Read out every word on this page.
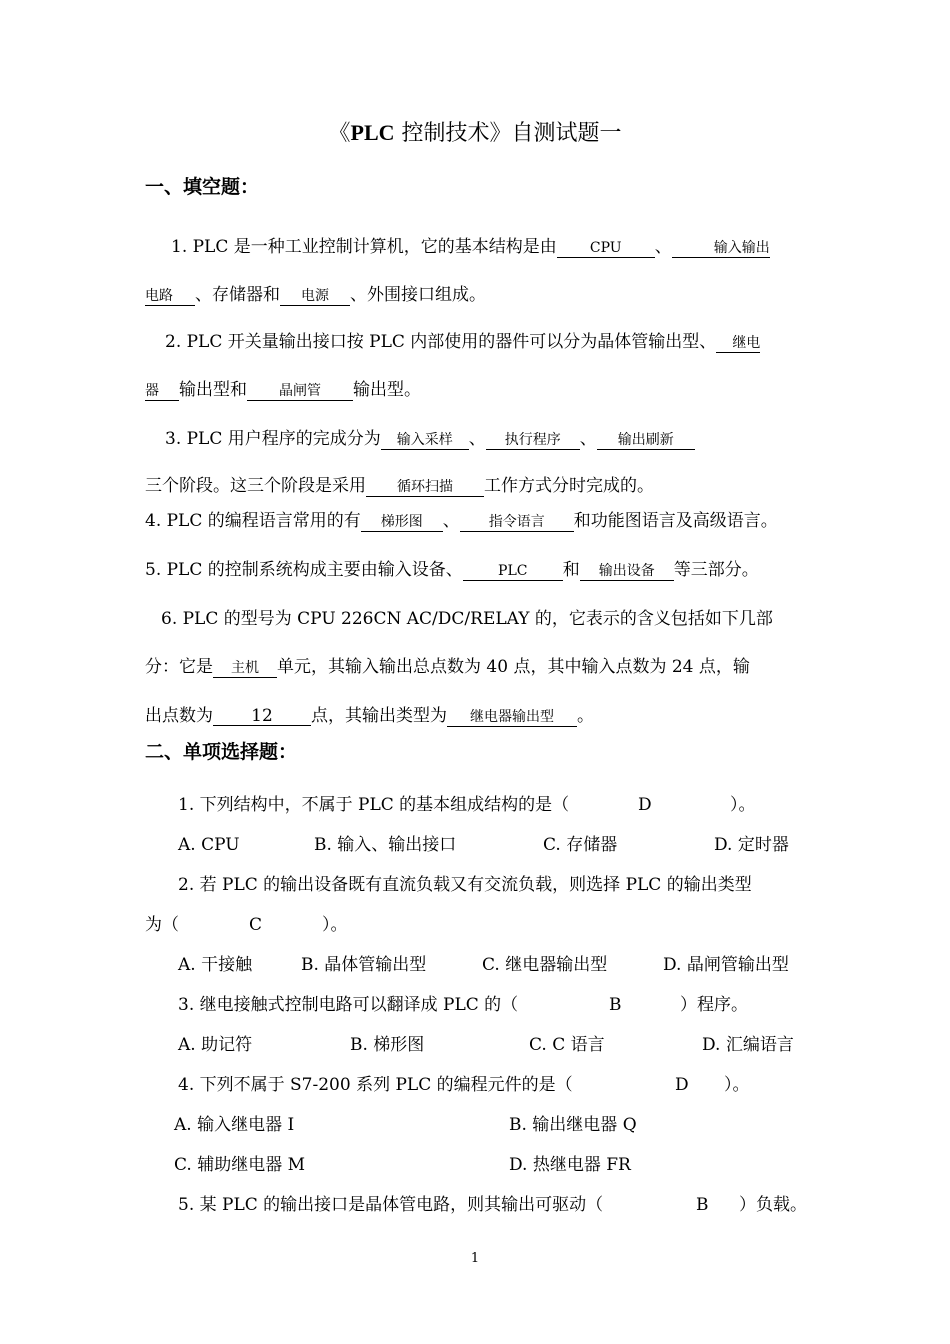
《PLC 控制技术》自测试题一
一、填空题：
1. PLC 是一种工业控制计算机，它的基本结构是由 CPU 、	输入输出
电路 、存储器和 电源 、外围接口组成。
2. PLC 开关量输出接口按 PLC 内部使用的器件可以分为晶体管输出型、 继电
器 输出型和 晶闸管 输出型。
3. PLC 用户程序的完成分为 输入采样 、 执行程序 、 输出刷新
三个阶段。这三个阶段是采用 循环扫描 工作方式分时完成的。
4. PLC 的编程语言常用的有 梯形图 、 指令语言 和功能图语言及高级语言。
5. PLC 的控制系统构成主要由输入设备、	PLC 和 输出设备 等三部分。
6. PLC 的型号为 CPU 226CN AC/DC/RELAY 的，它表示的含义包括如下几部
分：它是 主机 单元，其输入输出总点数为 40 点，其中输入点数为 24 点，输
出点数为 12 点，其输出类型为 继电器输出型 。
二、单项选择题：
1. 下列结构中，不属于 PLC 的基本组成结构的是（	D	）。
A. CPU	B. 输入、输出接口	C. 存储器	D. 定时器
2. 若 PLC 的输出设备既有直流负载又有交流负载，则选择 PLC 的输出类型
为（	C	）。
A. 干接触	B. 晶体管输出型	C. 继电器输出型	D. 晶闸管输出型
3. 继电接触式控制电路可以翻译成 PLC 的（	B	）程序。
A. 助记符	B. 梯形图	C. C 语言	D. 汇编语言
4. 下列不属于 S7-200 系列 PLC 的编程元件的是（	D ）。
A. 输入继电器 I	B. 输出继电器 Q
C. 辅助继电器 M	D. 热继电器 FR
5. 某 PLC 的输出接口是晶体管电路，则其输出可驱动（	B ）负载。
1
